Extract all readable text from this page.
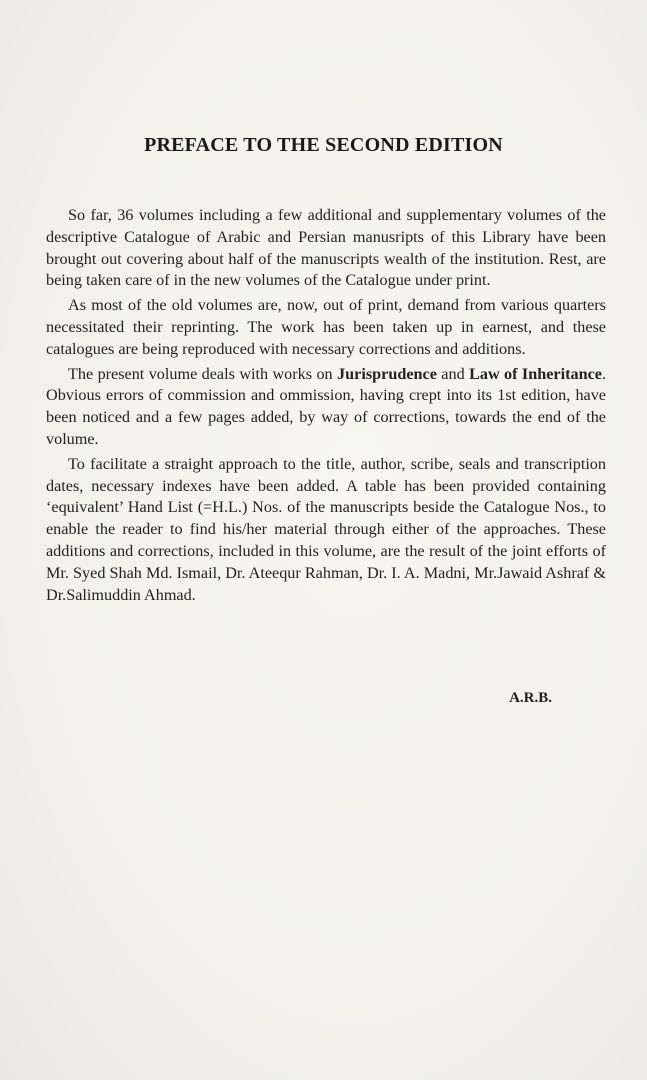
PREFACE TO THE SECOND EDITION

So far, 36 volumes including a few additional and supplementary volumes of the descriptive Catalogue of Arabic and Persian manusripts of this Library have been brought out covering about half of the manuscripts wealth of the institution. Rest, are being taken care of in the new volumes of the Catalogue under print.

As most of the old volumes are, now, out of print, demand from various quarters necessitated their reprinting. The work has been taken up in earnest, and these catalogues are being reproduced with necessary corrections and additions.

The present volume deals with works on Jurisprudence and Law of Inheritance. Obvious errors of commission and ommission, having crept into its 1st edition, have been noticed and a few pages added, by way of corrections, towards the end of the volume.

To facilitate a straight approach to the title, author, scribe, seals and transcription dates, necessary indexes have been added. A table has been provided containing ‘equivalent’ Hand List (=H.L.) Nos. of the manuscripts beside the Catalogue Nos., to enable the reader to find his/her material through either of the approaches. These additions and corrections, included in this volume, are the result of the joint efforts of Mr. Syed Shah Md. Ismail, Dr. Ateequr Rahman, Dr. I. A. Madni, Mr.Jawaid Ashraf & Dr.Salimuddin Ahmad.

A.R.B.
